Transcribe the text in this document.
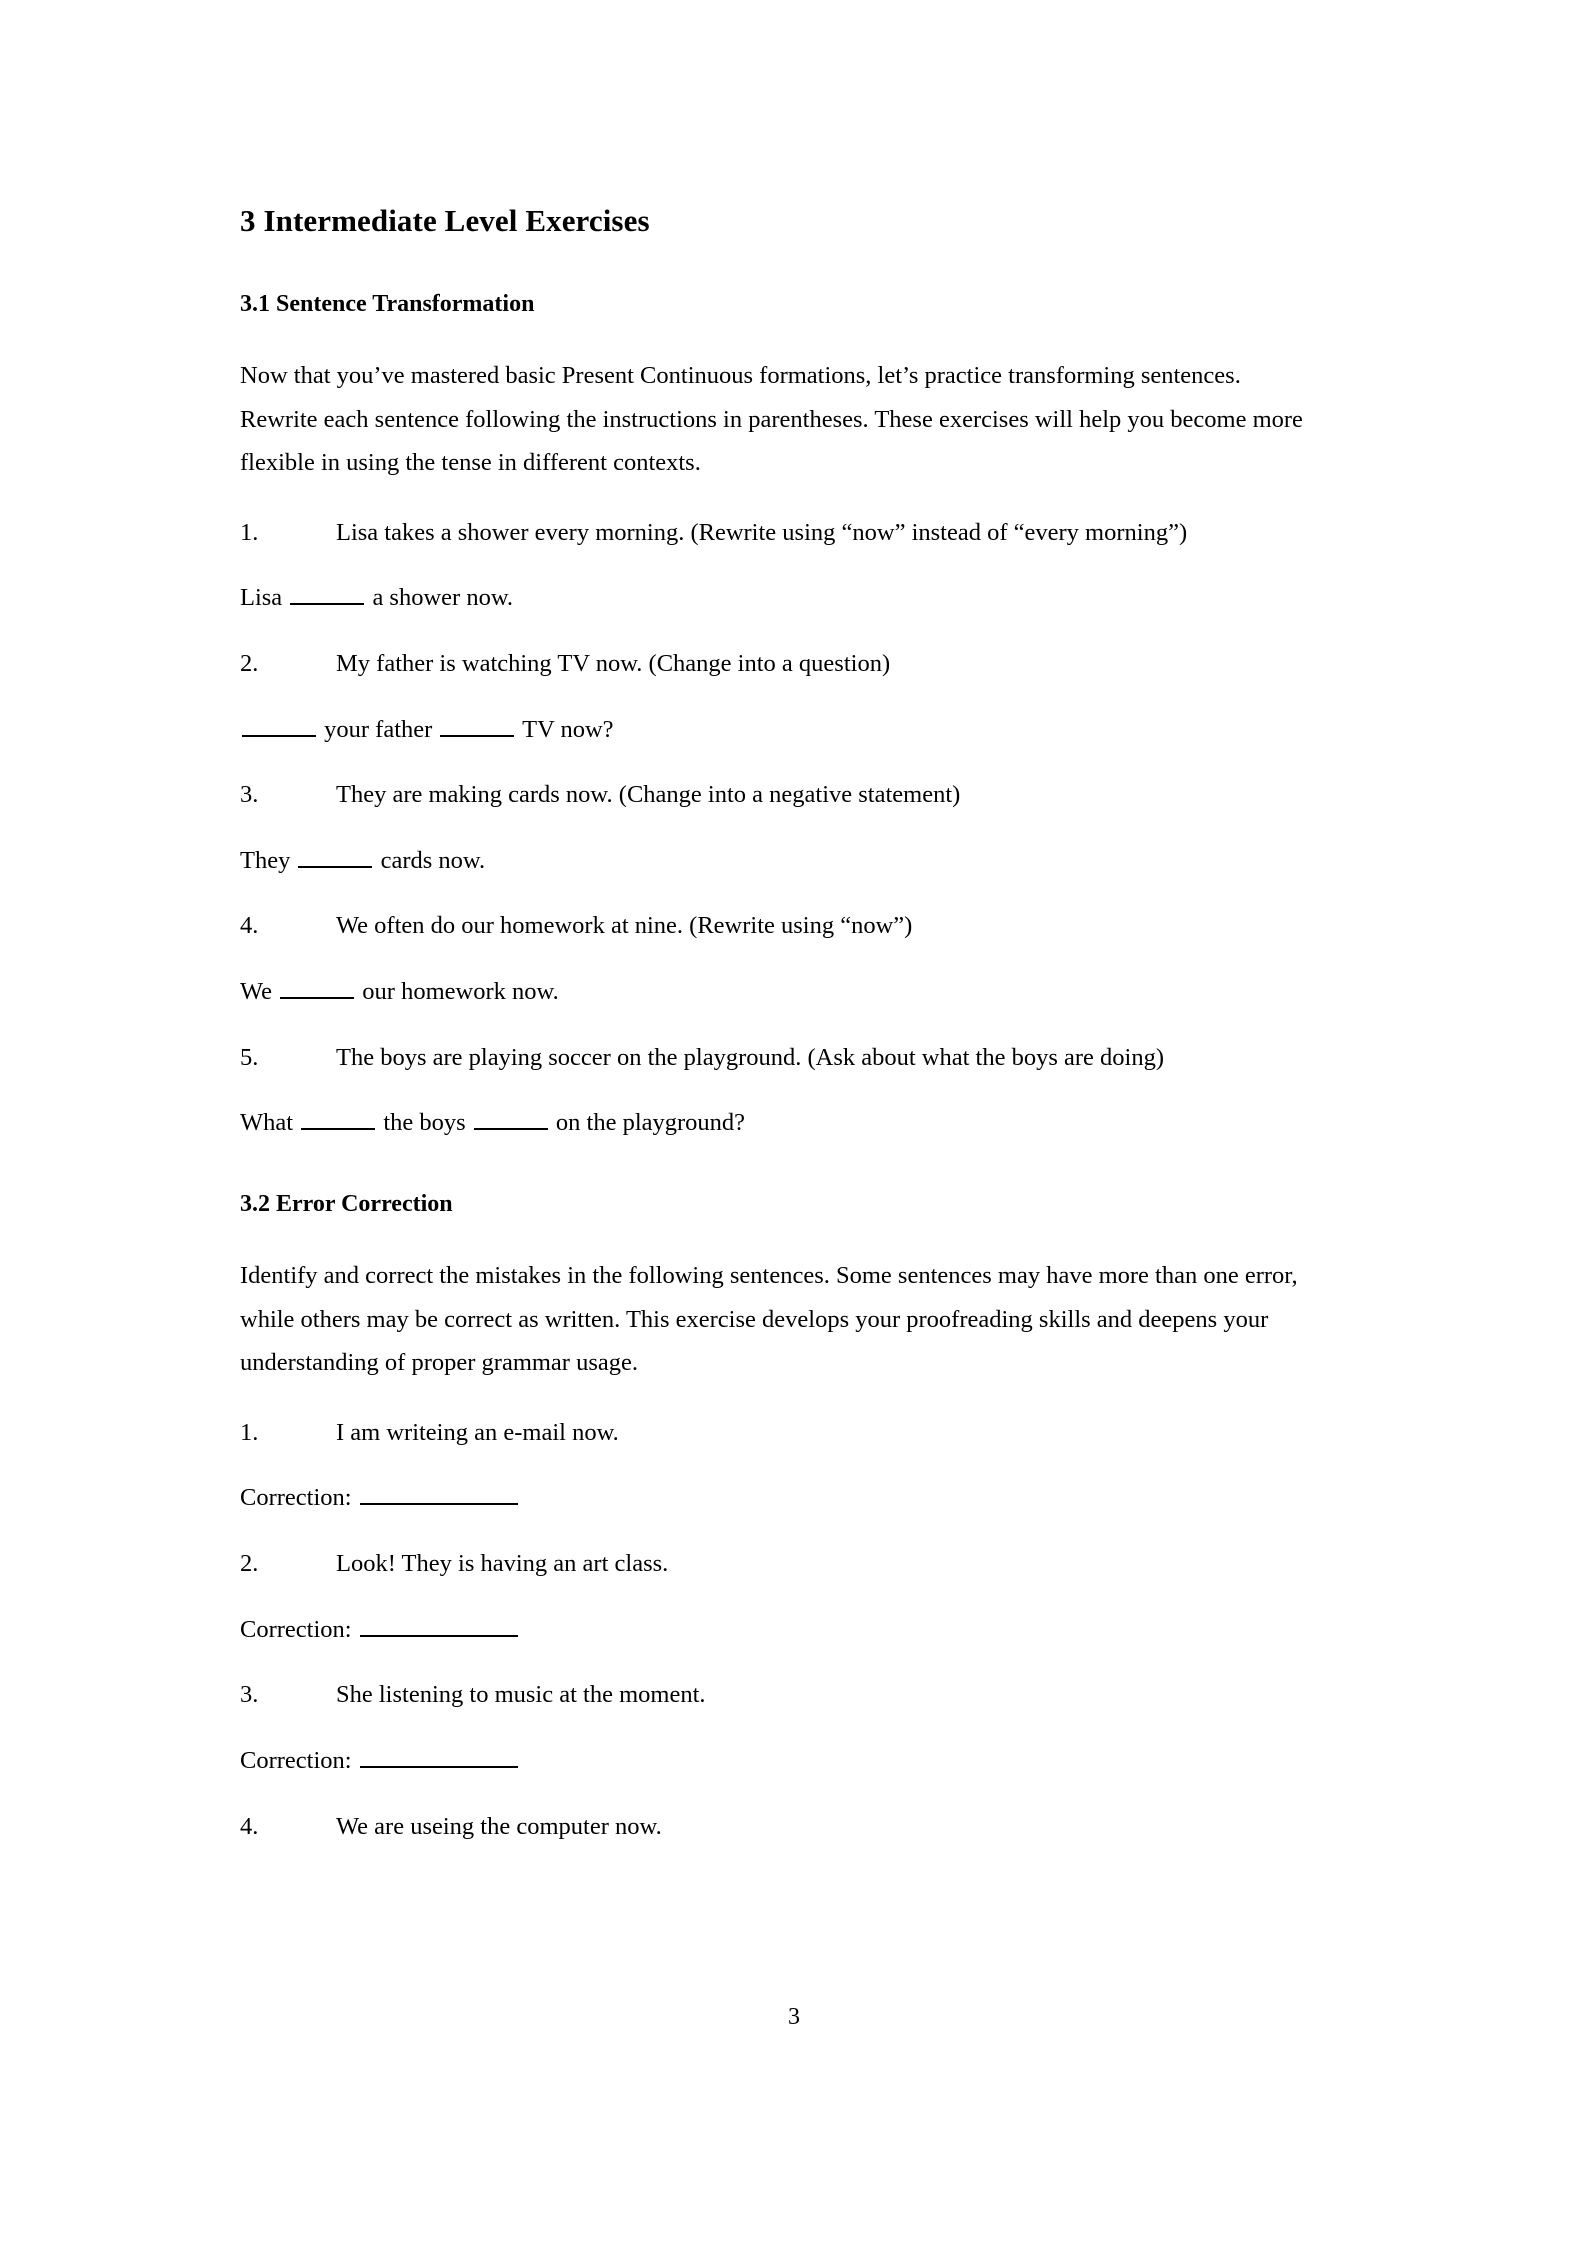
3 Intermediate Level Exercises
3.1 Sentence Transformation

Now that you’ve mastered basic Present Continuous formations, let’s practice transforming sentences. Rewrite each sentence following the instructions in parentheses. These exercises will help you become more flexible in using the tense in different contexts.

1.	Lisa takes a shower every morning. (Rewrite using “now” instead of “every morning”)
Lisa	a shower now.
2.	My father is watching TV now. (Change into a question)
your father	TV now?
3.	They are making cards now. (Change into a negative statement)
They	cards now.
4.	We often do our homework at nine. (Rewrite using “now”)
We	our homework now.
5.	The boys are playing soccer on the playground. (Ask about what the boys are doing)
What	the boys	on the playground?
3.2 Error Correction

Identify and correct the mistakes in the following sentences. Some sentences may have more than one error, while others may be correct as written. This exercise develops your proofreading skills and deepens your understanding of proper grammar usage.

1.	I am writeing an e-mail now.
Correction:
2.	Look! They is having an art class.
Correction:
3.	She listening to music at the moment.
Correction:
4.	We are useing the computer now.
3
